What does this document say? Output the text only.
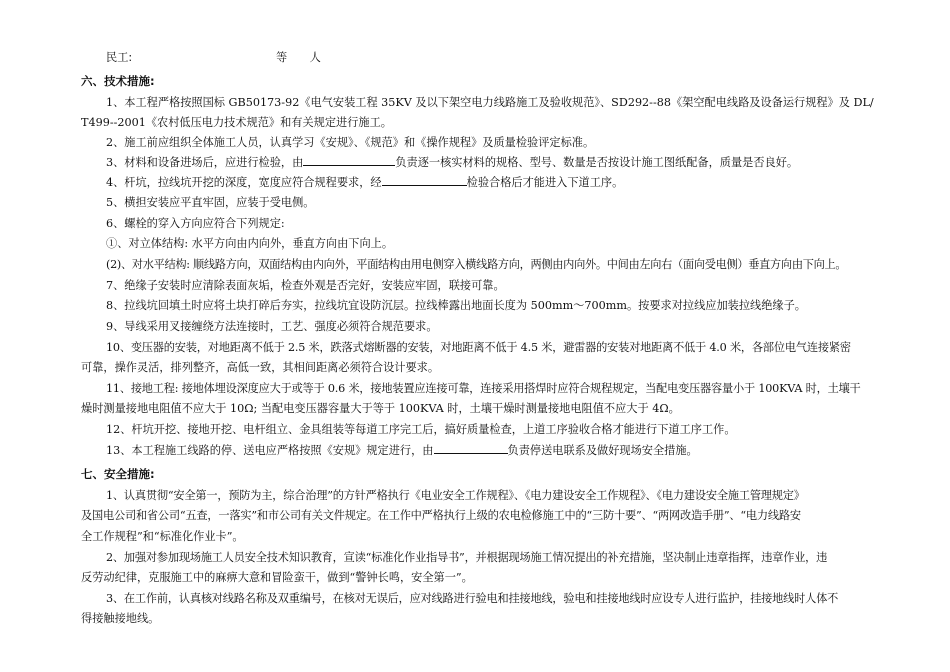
民工:	等　　人
六、技术措施:
1、本工程严格按照国标 GB50173-92《电气安装工程 35KV 及以下架空电力线路施工及验收规范》、SD292--88《架空配电线路及设备运行规程》及 DL/
T499--2001《农村低压电力技术规范》和有关规定进行施工。
2、施工前应组织全体施工人员，认真学习《安规》、《规范》和《操作规程》及质量检验评定标准。
3、材料和设备进场后，应进行检验，由	负责逐一核实材料的规格、型号、数量是否按设计施工图纸配备，质量是否良好。
4、杆坑，拉线坑开挖的深度，宽度应符合规程要求，经	检验合格后才能进入下道工序。
5、横担安装应平直牢固，应装于受电侧。
6、螺栓的穿入方向应符合下列规定:
①、对立体结构: 水平方向由内向外，垂直方向由下向上。
(2)、对水平结构: 顺线路方向，双面结构由内向外，平面结构由用电侧穿入横线路方向，两侧由内向外。中间由左向右（面向受电侧）垂直方向由下向上。
7、绝缘子安装时应清除表面灰垢，检查外观是否完好，安装应牢固，联接可靠。
8、拉线坑回填土时应将土块打碎后夯实，拉线坑宜设防沉层。拉线棒露出地面长度为 500mm～700mm。按要求对拉线应加装拉线绝缘子。
9、导线采用叉接缠绕方法连接时，工艺、强度必须符合规范要求。
10、变压器的安装，对地距离不低于 2.5 米，跌落式熔断器的安装，对地距离不低于 4.5 米，避雷器的安装对地距离不低于 4.0 米，各部位电气连接紧密
可靠，操作灵活，排列整齐，高低一致，其相间距离必须符合设计要求。
11、接地工程: 接地体埋设深度应大于或等于 0.6 米，接地装置应连接可靠，连接采用搭焊时应符合规程规定，当配电变压器容量小于 100KVA 时，土壤干
燥时测量接地电阻值不应大于 10Ω; 当配电变压器容量大于等于 100KVA 时，土壤干燥时测量接地电阻值不应大于 4Ω。
12、杆坑开挖、接地开挖、电杆组立、金具组装等每道工序完工后，搞好质量检查，上道工序验收合格才能进行下道工序工作。
13、本工程施工线路的停、送电应严格按照《安规》规定进行，由	负责停送电联系及做好现场安全措施。
七、安全措施:
1、认真贯彻“安全第一，预防为主，综合治理”的方针严格执行《电业安全工作规程》、《电力建设安全工作规程》、《电力建设安全施工管理规定》
及国电公司和省公司“五查，一落实”和市公司有关文件规定。在工作中严格执行上级的农电检修施工中的“三防十要”、“两网改造手册”、“电力线路安
全工作规程”和“标准化作业卡”。
2、加强对参加现场施工人员安全技术知识教育，宣读“标准化作业指导书”，并根据现场施工情况提出的补充措施，坚决制止违章指挥，违章作业，违
反劳动纪律，克服施工中的麻痹大意和冒险蛮干，做到“警钟长鸣，安全第一”。
3、在工作前，认真核对线路名称及双重编号，在核对无误后，应对线路进行验电和挂接地线，验电和挂接地线时应设专人进行监护，挂接地线时人体不
得接触接地线。
